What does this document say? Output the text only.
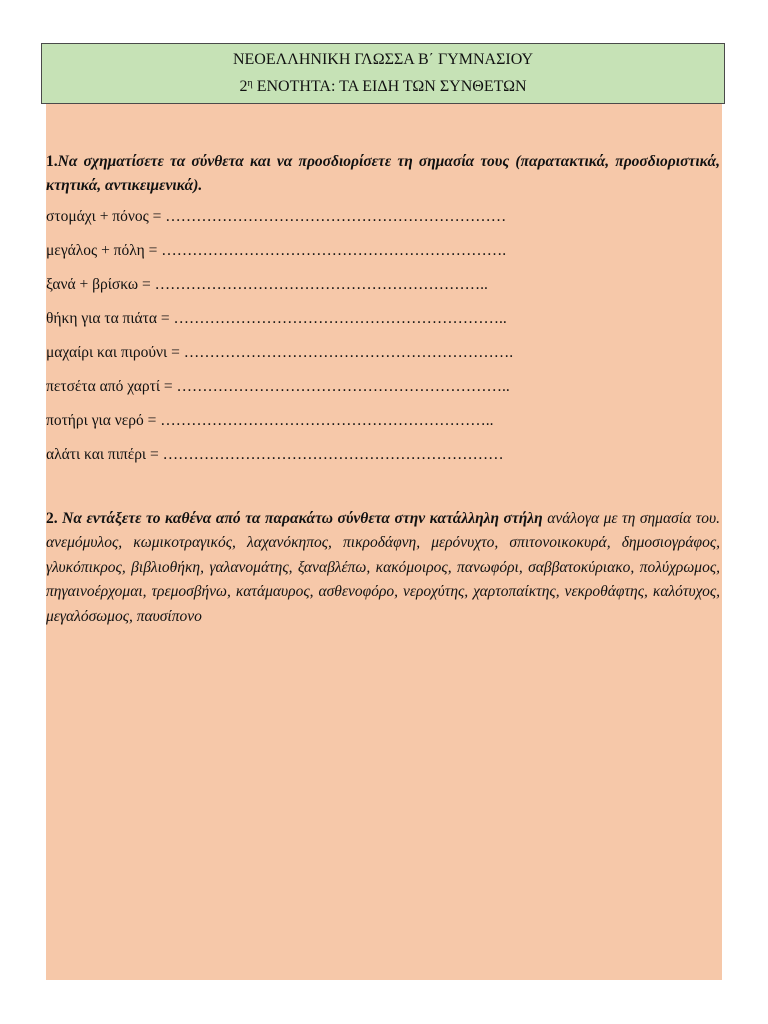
ΝΕΟΕΛΛΗΝΙΚΗ ΓΛΩΣΣΑ Β΄ ΓΥΜΝΑΣΙΟΥ
$2^\eta$ ΕΝΟΤΗΤΑ: ΤΑ ΕΙΔΗ ΤΩΝ ΣΥΝΘΕΤΩΝ
1.Να σχηματίσετε τα σύνθετα και να προσδιορίσετε τη σημασία τους (παρατακτικά, προσδιοριστικά, κτητικά, αντικειμενικά).
στομάχι + πόνος = …………………………………………………………
μεγάλος + πόλη = ………………………………………………………….
ξανά + βρίσκω = ………………………………………………………..
θήκη για τα πιάτα = ………………………………………………………..
μαχαίρι και πιρούνι = ……………………………………………………….
πετσέτα από χαρτί = ………………………………………………………..
ποτήρι για νερό = ………………………………………………………..
αλάτι και πιπέρι = …………………………………………………………
2. Να εντάξετε το καθένα από τα παρακάτω σύνθετα στην κατάλληλη στήλη ανάλογα με τη σημασία του. ανεμόμυλος, κωμικοτραγικός, λαχανόκηπος, πικροδάφνη, μερόνυχτο, σπιτονοικοκυρά, δημοσιογράφος, γλυκόπικρος, βιβλιοθήκη, γαλανομάτης, ξαναβλέπω, κακόμοιρος, πανωφόρι, σαββατοκύριακο, πολύχρωμος, πηγαινοέρχομαι, τρεμοσβήνω, κατάμαυρος, ασθενοφόρο, νεροχύτης, χαρτοπαίκτης, νεκροθάφτης, καλότυχος, μεγαλόσωμος, παυσίπονο
